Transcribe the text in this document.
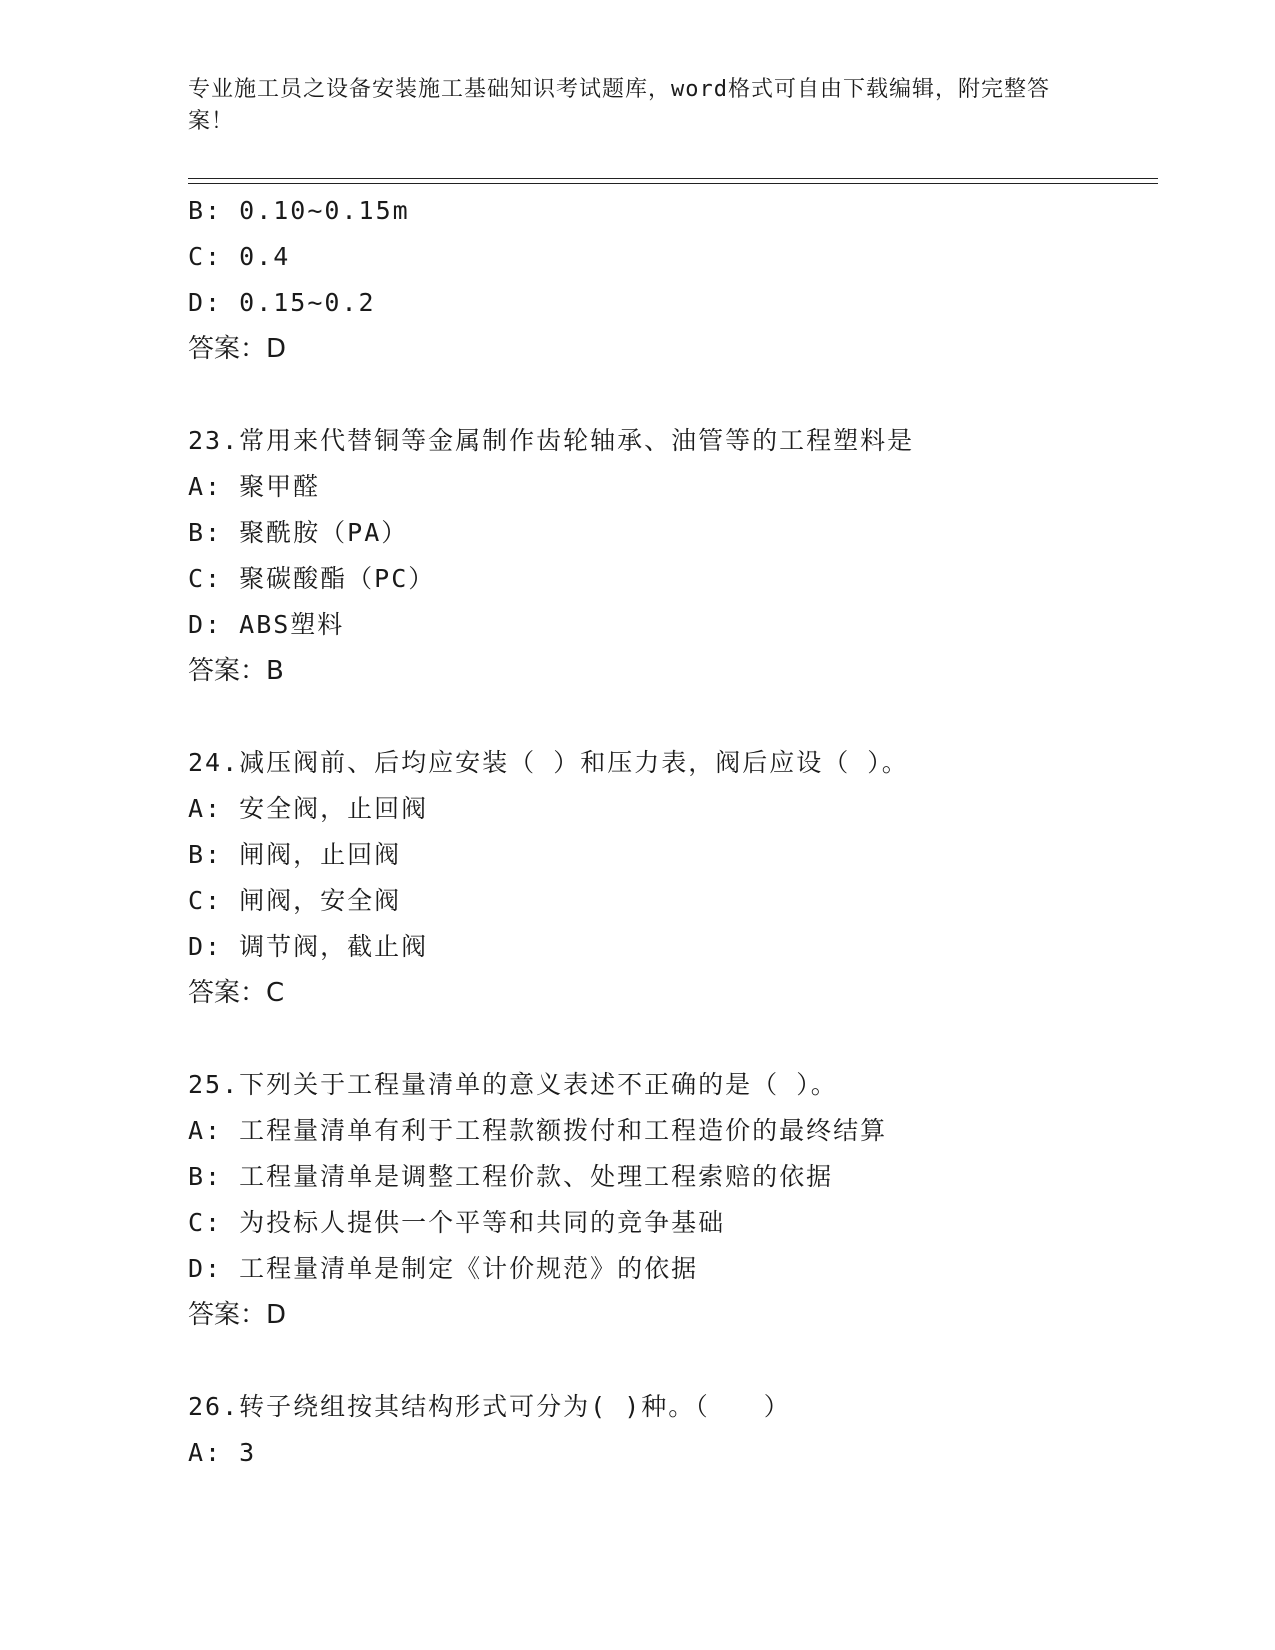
专业施工员之设备安装施工基础知识考试题库，word格式可自由下载编辑，附完整答案！
B: 0.10~0.15m
C: 0.4
D: 0.15~0.2
答案：D
23.常用来代替铜等金属制作齿轮轴承、油管等的工程塑料是
A: 聚甲醛
B: 聚酰胺（PA）
C: 聚碳酸酯（PC）
D: ABS塑料
答案：B
24.减压阀前、后均应安装（ ）和压力表，阀后应设（ ）。
A: 安全阀，止回阀
B: 闸阀，止回阀
C: 闸阀，安全阀
D: 调节阀，截止阀
答案：C
25.下列关于工程量清单的意义表述不正确的是（ ）。
A: 工程量清单有利于工程款额拨付和工程造价的最终结算
B: 工程量清单是调整工程价款、处理工程索赔的依据
C: 为投标人提供一个平等和共同的竞争基础
D: 工程量清单是制定《计价规范》的依据
答案：D
26.转子绕组按其结构形式可分为( )种。（　　）
A: 3
